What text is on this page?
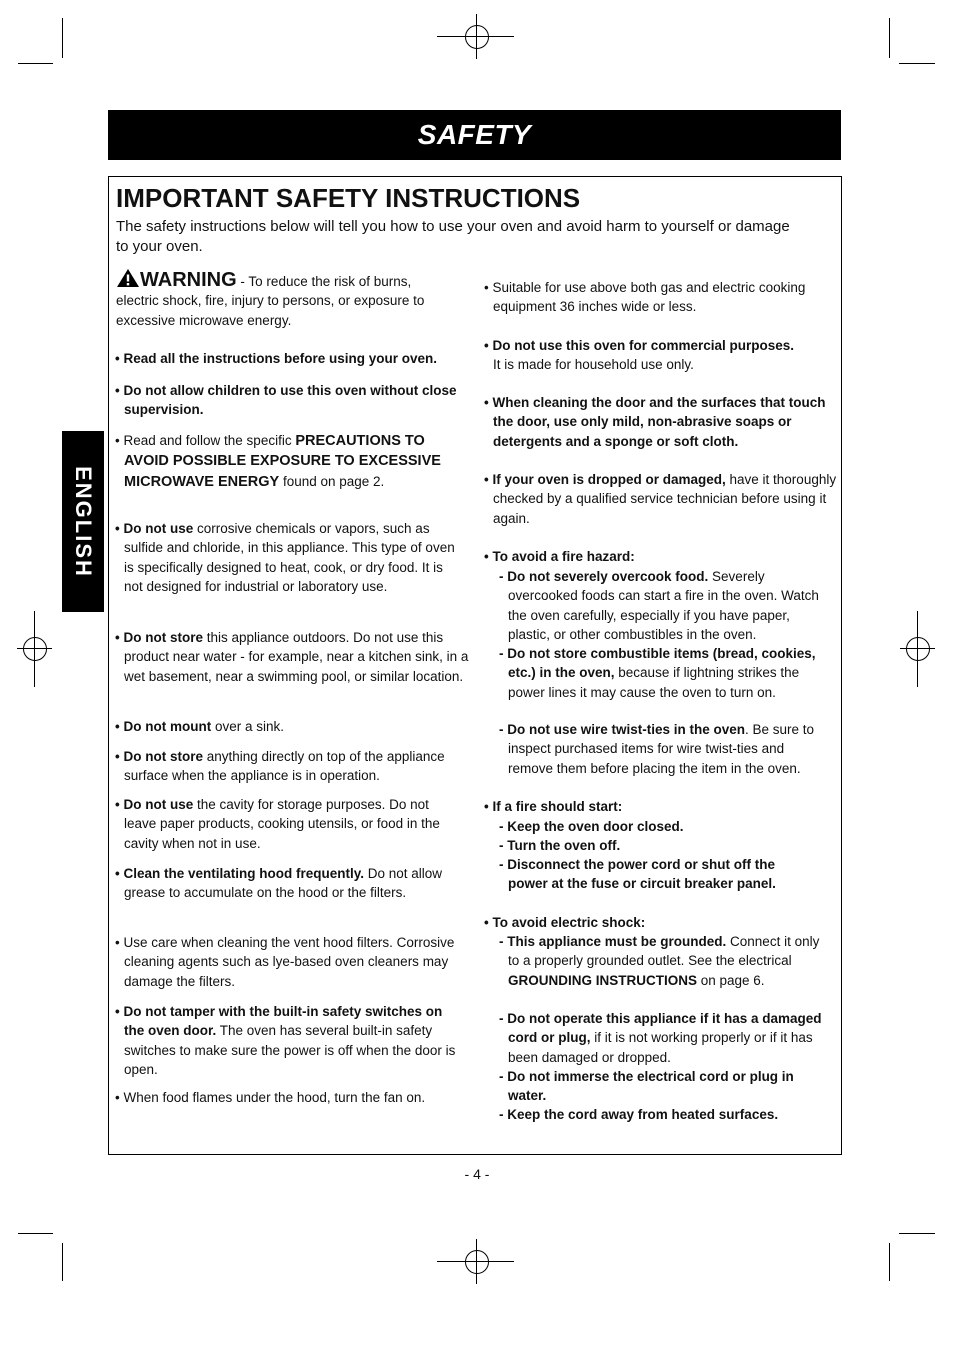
SAFETY
ENGLISH
IMPORTANT SAFETY INSTRUCTIONS
The safety instructions below will tell you how to use your oven and avoid harm to yourself or damage to your oven.
WARNING - To reduce the risk of burns,
electric shock, fire, injury to persons, or exposure to
excessive microwave energy.

• Read all the instructions before using your oven.

• Do not allow children to use this oven without close supervision.

• Read and follow the specific PRECAUTIONS TO AVOID POSSIBLE EXPOSURE TO EXCESSIVE MICROWAVE ENERGY found on page 2.

• Do not use corrosive chemicals or vapors, such as sulfide and chloride, in this appliance. This type of oven is specifically designed to heat, cook, or dry food. It is not designed for industrial or laboratory use.

• Do not store this appliance outdoors. Do not use this product near water - for example, near a kitchen sink, in a wet basement, near a swimming pool, or similar location.

• Do not mount over a sink.

• Do not store anything directly on top of the appliance surface when the appliance is in operation.

• Do not use the cavity for storage purposes. Do not leave paper products, cooking utensils, or food in the cavity when not in use.

• Clean the ventilating hood frequently. Do not allow grease to accumulate on the hood or the filters.

• Use care when cleaning the vent hood filters. Corrosive cleaning agents such as lye-based oven cleaners may damage the filters.

• Do not tamper with the built-in safety switches on the oven door. The oven has several built-in safety switches to make sure the power is off when the door is open.

• When food flames under the hood, turn the fan on.

• Suitable for use above both gas and electric cooking equipment 36 inches wide or less.

• Do not use this oven for commercial purposes.
It is made for household use only.

• When cleaning the door and the surfaces that touch the door, use only mild, non-abrasive soaps or detergents and a sponge or soft cloth.

• If your oven is dropped or damaged, have it thoroughly checked by a qualified service technician before using it again.

• To avoid a fire hazard:

- Do not severely overcook food. Severely overcooked foods can start a fire in the oven. Watch the oven carefully, especially if you have paper, plastic, or other combustibles in the oven.

- Do not store combustible items (bread, cookies, etc.) in the oven, because if lightning strikes the power lines it may cause the oven to turn on.

- Do not use wire twist-ties in the oven. Be sure to inspect purchased items for wire twist-ties and remove them before placing the item in the oven.

• If a fire should start:

- Keep the oven door closed.

- Turn the oven off.

- Disconnect the power cord or shut off the power at the fuse or circuit breaker panel.

• To avoid electric shock:

- This appliance must be grounded. Connect it only to a properly grounded outlet. See the electrical GROUNDING INSTRUCTIONS on page 6.

- Do not operate this appliance if it has a damaged cord or plug, if it is not working properly or if it has been damaged or dropped.

- Do not immerse the electrical cord or plug in water.

- Keep the cord away from heated surfaces.

- 4 -
